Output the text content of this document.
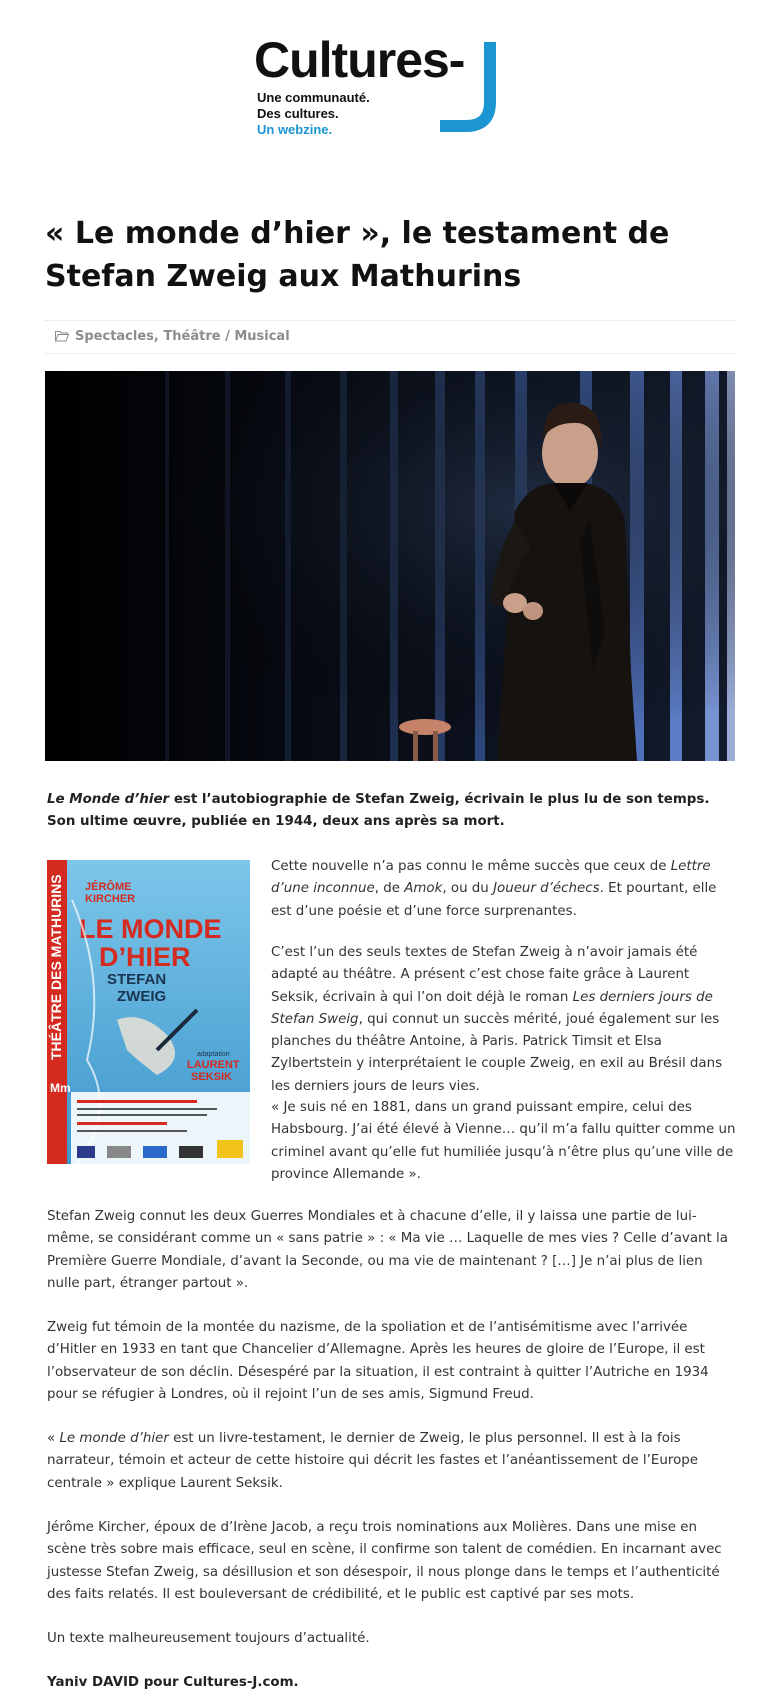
Cultures-
Une communauté.
Des cultures.
Un webzine.
« Le monde d’hier », le testament de Stefan Zweig aux Mathurins
Spectacles, Théâtre / Musical

Le Monde d’hier est l’autobiographie de Stefan Zweig, écrivain le plus lu de son temps. Son ultime œuvre, publiée en 1944, deux ans après sa mort.

THÉÂTRE DES MATHURINS
Mm
JÉRÔME
KIRCHER
LE MONDE
D’HIER
STEFAN
ZWEIG
adaptation
LAURENT
SEKSIK

Cette nouvelle n’a pas connu le même succès que ceux de Lettre d’une inconnue, de Amok, ou du Joueur d’échecs. Et pourtant, elle est d’une poésie et d’une force surprenantes.

C’est l’un des seuls textes de Stefan Zweig à n’avoir jamais été adapté au théâtre. A présent c’est chose faite grâce à Laurent Seksik, écrivain à qui l’on doit déjà le roman Les derniers jours de Stefan Sweig, qui connut un succès mérité, joué également sur les planches du théâtre Antoine, à Paris. Patrick Timsit et Elsa Zylbertstein y interprétaient le couple Zweig, en exil au Brésil dans les derniers jours de leurs vies.

« Je suis né en 1881, dans un grand puissant empire, celui des Habsbourg. J’ai été élevé à Vienne… qu’il m’a fallu quitter comme un criminel avant qu’elle fut humiliée jusqu’à n’être plus qu’une ville de province Allemande ».

Stefan Zweig connut les deux Guerres Mondiales et à chacune d’elle, il y laissa une partie de lui-même, se considérant comme un « sans patrie » : « Ma vie … Laquelle de mes vies ? Celle d’avant la Première Guerre Mondiale, d’avant la Seconde, ou ma vie de maintenant ? […] Je n’ai plus de lien nulle part, étranger partout ».

Zweig fut témoin de la montée du nazisme, de la spoliation et de l’antisémitisme avec l’arrivée d’Hitler en 1933 en tant que Chancelier d’Allemagne. Après les heures de gloire de l’Europe, il est l’observateur de son déclin. Désespéré par la situation, il est contraint à quitter l’Autriche en 1934 pour se réfugier à Londres, où il rejoint l’un de ses amis, Sigmund Freud.

« Le monde d’hier est un livre-testament, le dernier de Zweig, le plus personnel. Il est à la fois narrateur, témoin et acteur de cette histoire qui décrit les fastes et l’anéantissement de l’Europe centrale » explique Laurent Seksik.

Jérôme Kircher, époux de d’Irène Jacob, a reçu trois nominations aux Molières. Dans une mise en scène très sobre mais efficace, seul en scène, il confirme son talent de comédien. En incarnant avec justesse Stefan Zweig, sa désillusion et son désespoir, il nous plonge dans le temps et l’authenticité des faits relatés. Il est bouleversant de crédibilité, et le public est captivé par ses mots.

Un texte malheureusement toujours d’actualité.

Yaniv DAVID pour Cultures-J.com.
